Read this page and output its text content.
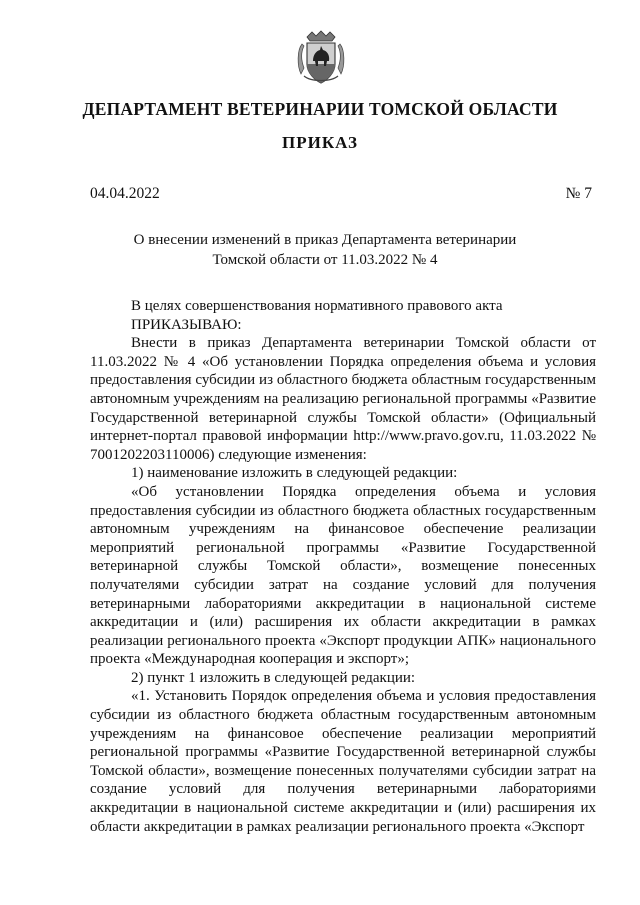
ДЕПАРТАМЕНТ ВЕТЕРИНАРИИ ТОМСКОЙ ОБЛАСТИ
ПРИКАЗ
04.04.2022	№ 7
О внесении изменений в приказ Департамента ветеринарии
Томской области от 11.03.2022 № 4

В целях совершенствования нормативного правового акта

ПРИКАЗЫВАЮ:

Внести в приказ Департамента ветеринарии Томской области от 11.03.2022 № 4 «Об установлении Порядка определения объема и условия предоставления субсидии из областного бюджета областным государственным автономным учреждениям на реализацию региональной программы «Развитие Государственной ветеринарной службы Томской области» (Официальный интернет-портал правовой информации http://www.pravo.gov.ru, 11.03.2022 № 7001202203110006) следующие изменения:

1) наименование изложить в следующей редакции:

«Об установлении Порядка определения объема и условия предоставления субсидии из областного бюджета областных государственным автономным учреждениям на финансовое обеспечение реализации мероприятий региональной программы «Развитие Государственной ветеринарной службы Томской области», возмещение понесенных получателями субсидии затрат на создание условий для получения ветеринарными лабораториями аккредитации в национальной системе аккредитации и (или) расширения их области аккредитации в рамках реализации регионального проекта «Экспорт продукции АПК» национального проекта «Международная кооперация и экспорт»;

2) пункт 1 изложить в следующей редакции:

«1. Установить Порядок определения объема и условия предоставления субсидии из областного бюджета областным государственным автономным учреждениям на финансовое обеспечение реализации мероприятий региональной программы «Развитие Государственной ветеринарной службы Томской области», возмещение понесенных получателями субсидии затрат на создание условий для получения ветеринарными лабораториями аккредитации в национальной системе аккредитации и (или) расширения их области аккредитации в рамках реализации регионального проекта «Экспорт
